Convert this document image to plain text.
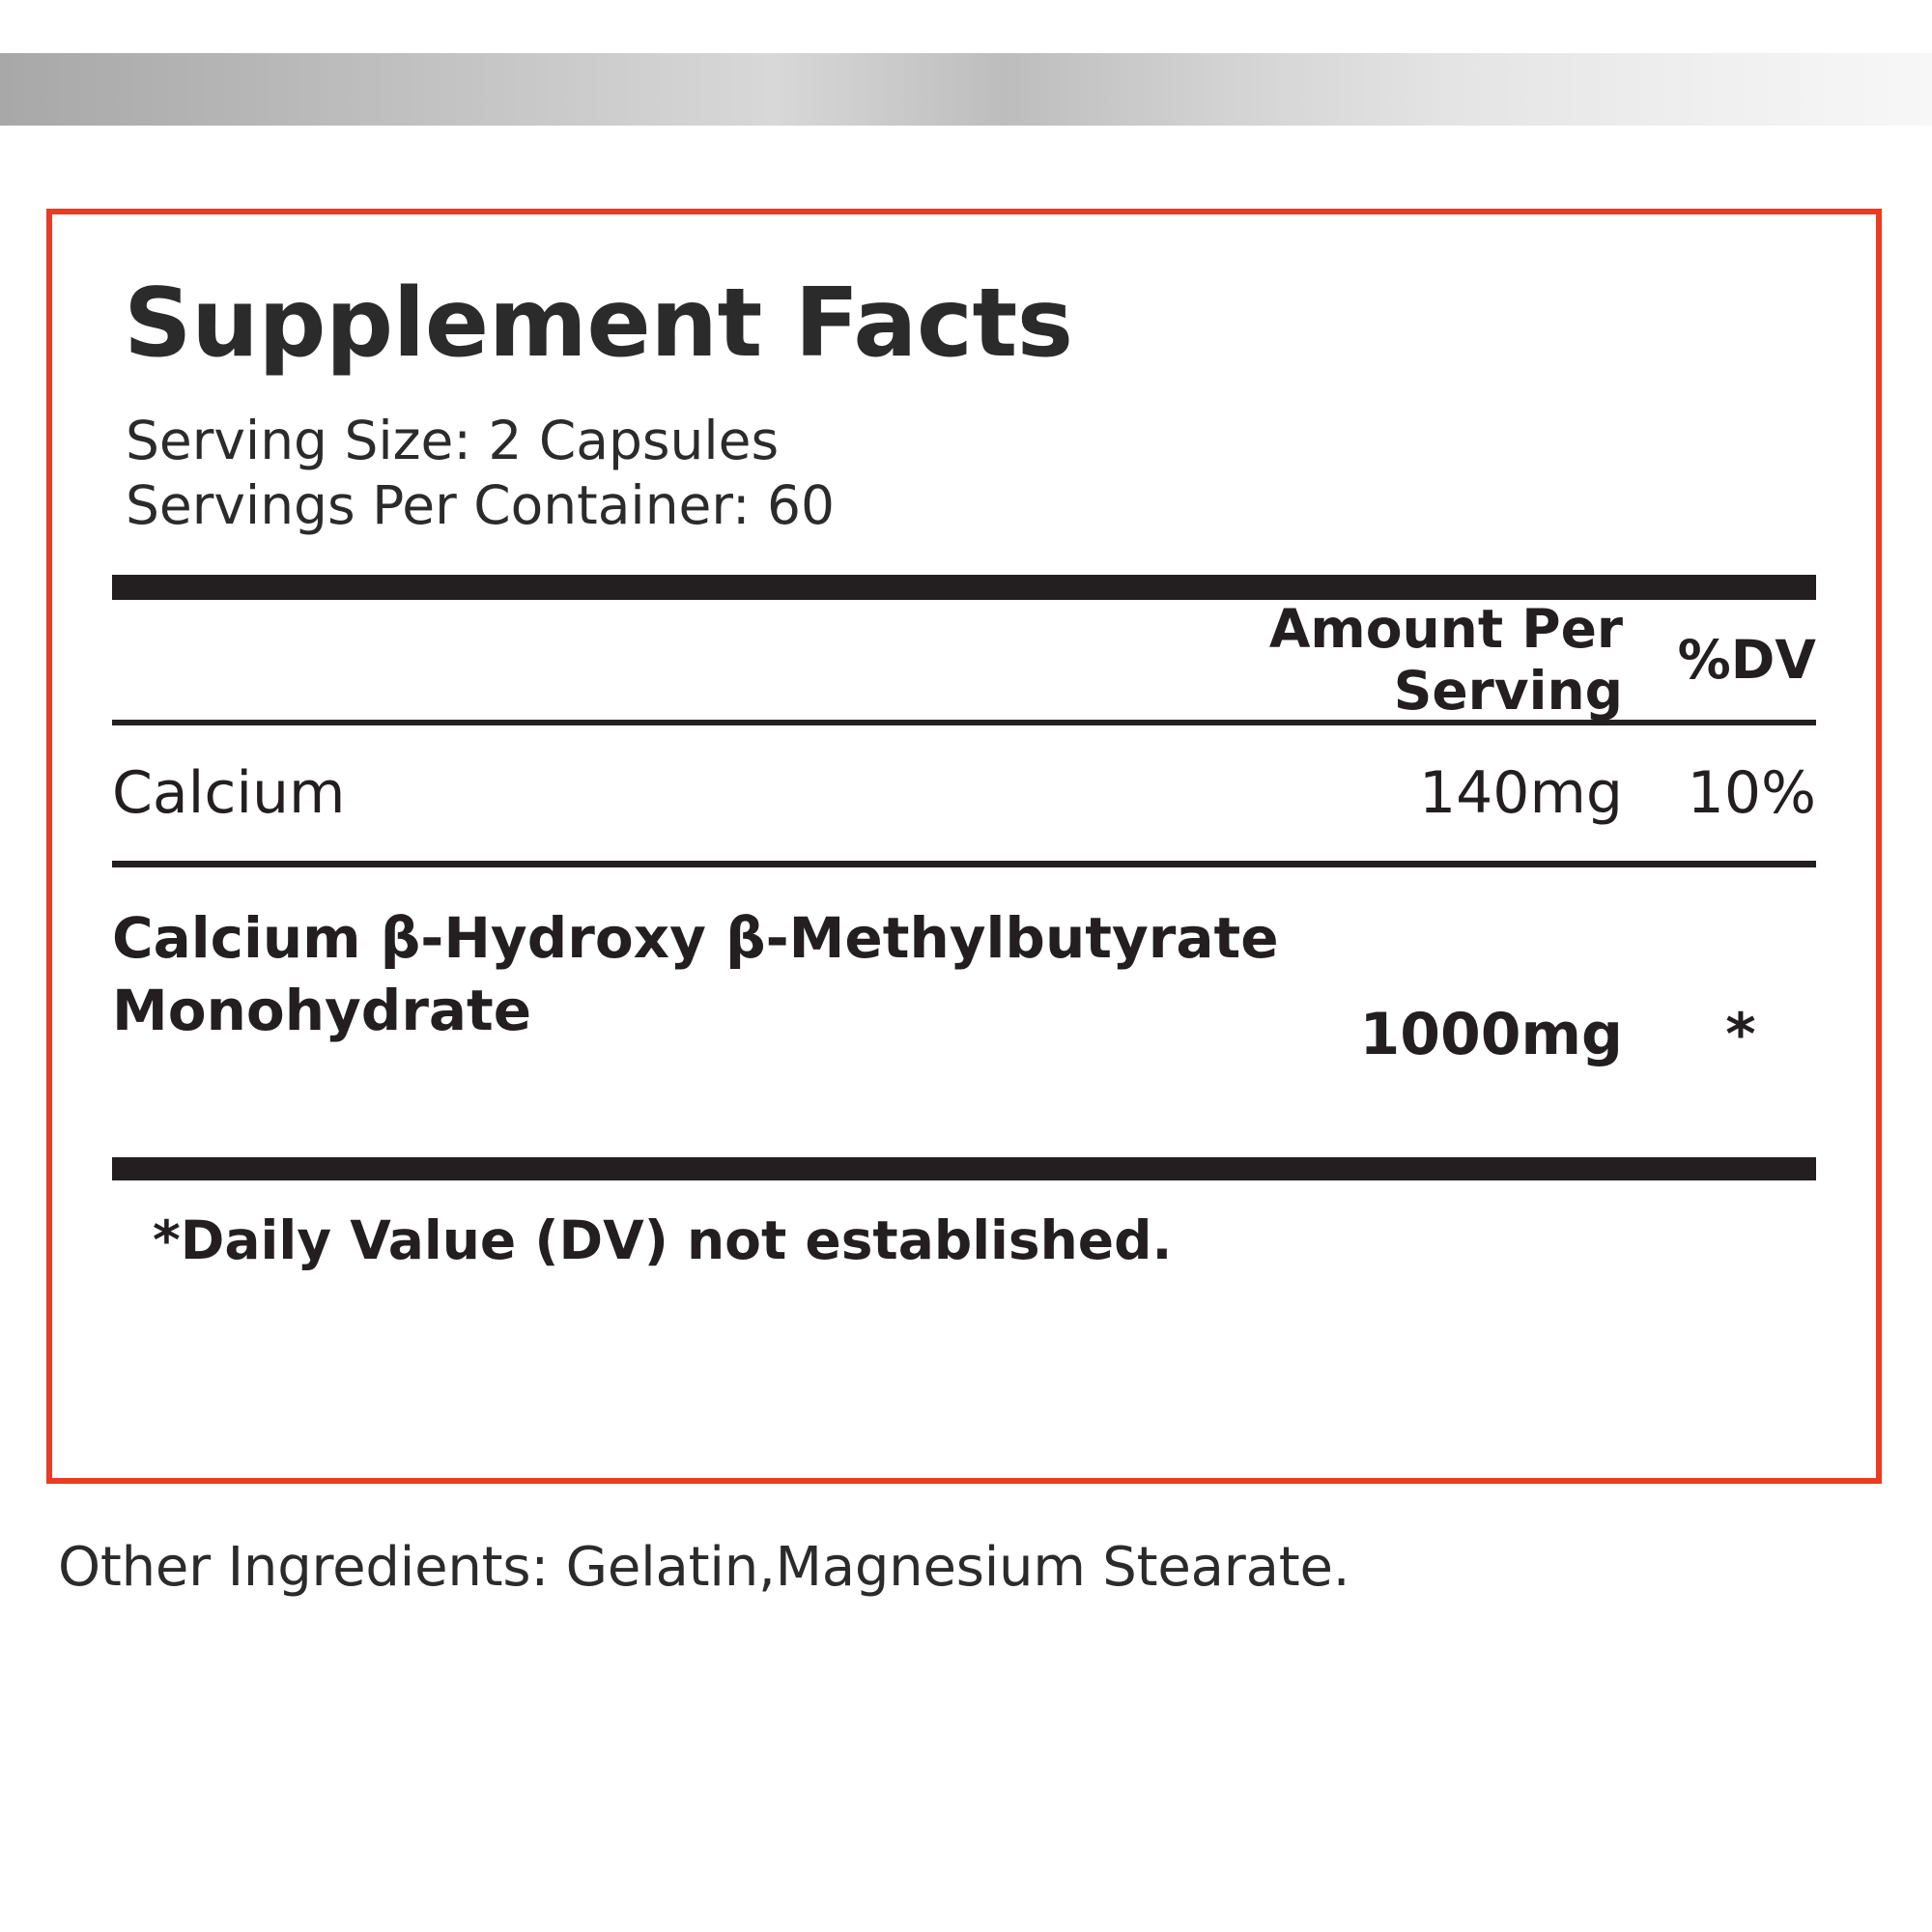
Supplement Facts
Serving Size: 2 Capsules
Servings Per Container: 60
Amount Per Serving	%DV
Calcium	140mg	10%
Calcium β-Hydroxy β-Methylbutyrate Monohydrate	1000mg	*
*Daily Value (DV) not established.
Other Ingredients: Gelatin,Magnesium Stearate.
